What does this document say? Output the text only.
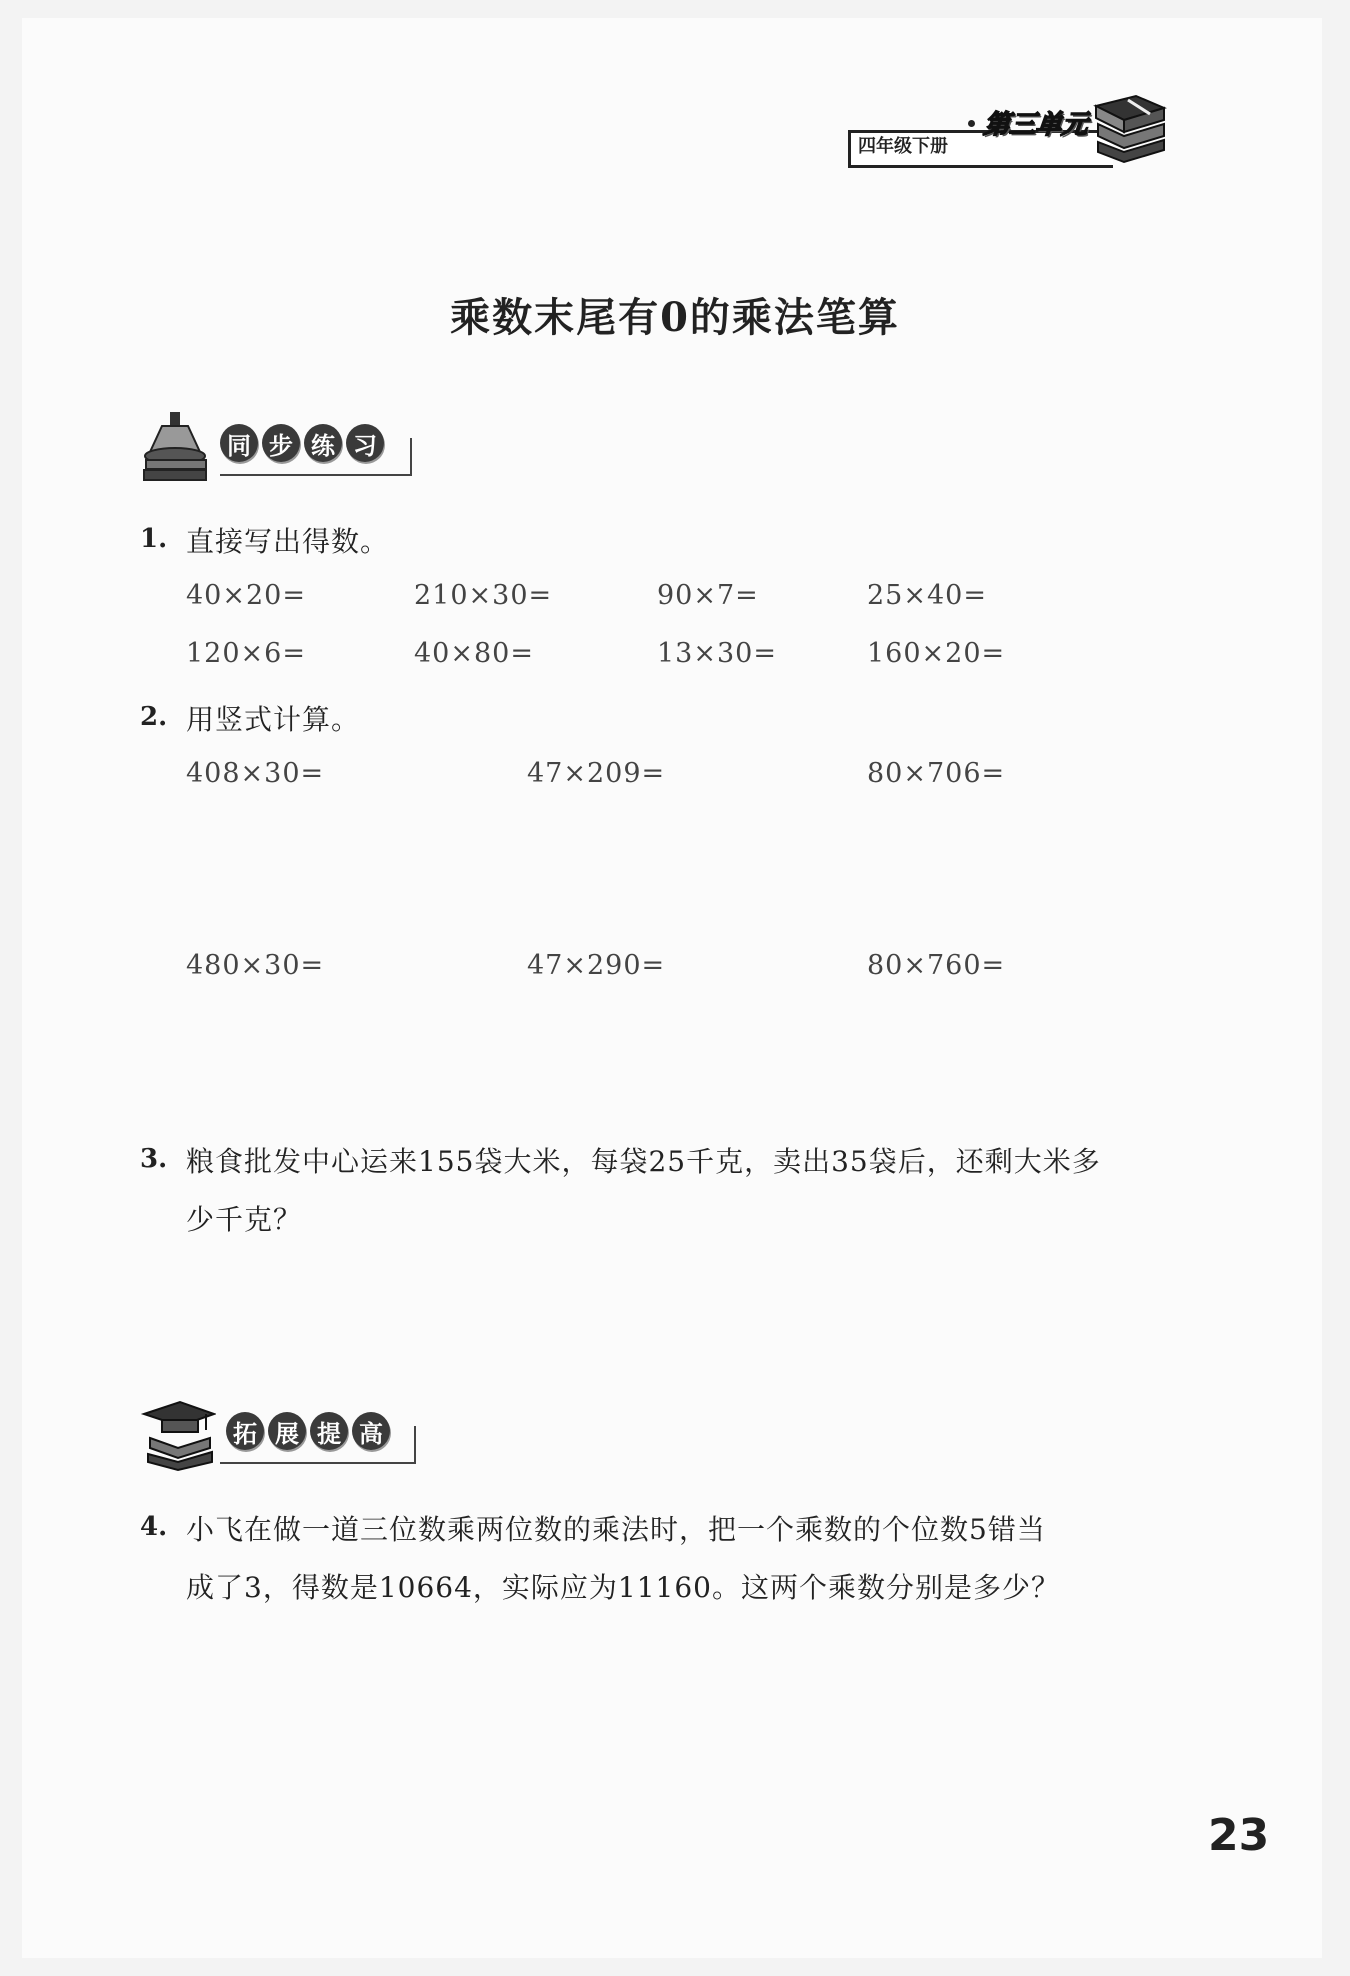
四年级下册
第三单元
乘数末尾有0的乘法笔算
同 步 练 习
1. 直接写出得数。
40×20=	210×30=	90×7=	25×40=
120×6=	40×80=	13×30=	160×20=
2. 用竖式计算。
408×30=	47×209=	80×706=
480×30=	47×290=	80×760=
3. 粮食批发中心运来155袋大米，每袋25千克，卖出35袋后，还剩大米多
少千克？
拓 展 提 高
4. 小飞在做一道三位数乘两位数的乘法时，把一个乘数的个位数5错当
成了3，得数是10664，实际应为11160。这两个乘数分别是多少？
23
